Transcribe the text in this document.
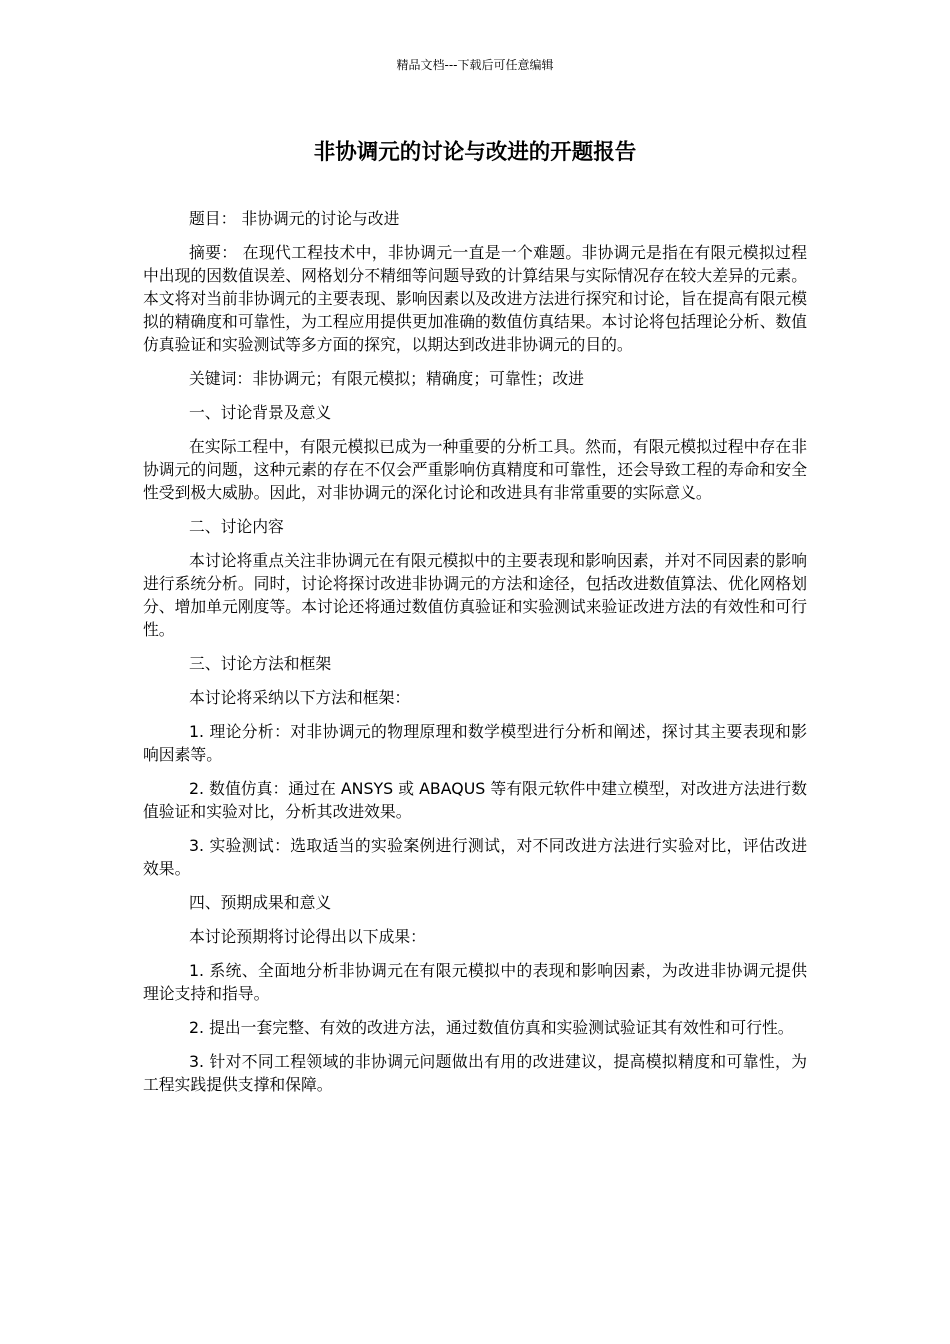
精品文档---下载后可任意编辑
非协调元的讨论与改进的开题报告

题目： 非协调元的讨论与改进

摘要： 在现代工程技术中，非协调元一直是一个难题。非协调元是指在有限元模拟过程中出现的因数值误差、网格划分不精细等问题导致的计算结果与实际情况存在较大差异的元素。本文将对当前非协调元的主要表现、影响因素以及改进方法进行探究和讨论，旨在提高有限元模拟的精确度和可靠性，为工程应用提供更加准确的数值仿真结果。本讨论将包括理论分析、数值仿真验证和实验测试等多方面的探究，以期达到改进非协调元的目的。

关键词：非协调元；有限元模拟；精确度；可靠性；改进

一、讨论背景及意义

在实际工程中，有限元模拟已成为一种重要的分析工具。然而，有限元模拟过程中存在非协调元的问题，这种元素的存在不仅会严重影响仿真精度和可靠性，还会导致工程的寿命和安全性受到极大威胁。因此，对非协调元的深化讨论和改进具有非常重要的实际意义。

二、讨论内容

本讨论将重点关注非协调元在有限元模拟中的主要表现和影响因素，并对不同因素的影响进行系统分析。同时，讨论将探讨改进非协调元的方法和途径，包括改进数值算法、优化网格划分、增加单元刚度等。本讨论还将通过数值仿真验证和实验测试来验证改进方法的有效性和可行性。

三、讨论方法和框架

本讨论将采纳以下方法和框架：

1. 理论分析：对非协调元的物理原理和数学模型进行分析和阐述，探讨其主要表现和影响因素等。

2. 数值仿真：通过在 ANSYS 或 ABAQUS 等有限元软件中建立模型，对改进方法进行数值验证和实验对比，分析其改进效果。

3. 实验测试：选取适当的实验案例进行测试，对不同改进方法进行实验对比，评估改进效果。

四、预期成果和意义

本讨论预期将讨论得出以下成果：

1. 系统、全面地分析非协调元在有限元模拟中的表现和影响因素，为改进非协调元提供理论支持和指导。

2. 提出一套完整、有效的改进方法，通过数值仿真和实验测试验证其有效性和可行性。

3. 针对不同工程领域的非协调元问题做出有用的改进建议，提高模拟精度和可靠性，为工程实践提供支撑和保障。
